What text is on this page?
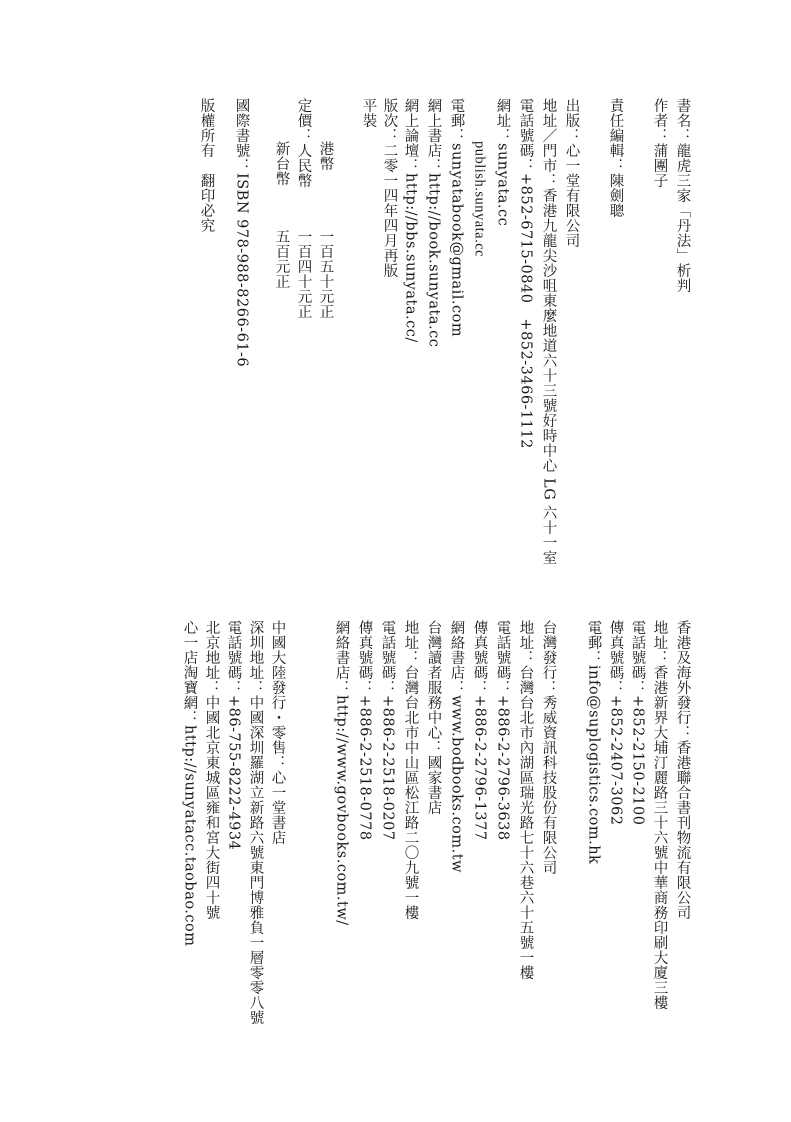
書名：龍虎三家「丹法」析判
作者：蒲團子
責任編輯：陳劍聰
出版：心一堂有限公司
地址／門市：香港九龍尖沙咀東麼地道六十三號好時中心 LG 六十一室
電話號碼：+852-6715-0840　+852-3466-1112
網址：sunyata.cc
publish.sunyata.cc
電郵：sunyatabook@gmail.com
網上書店：http://book.sunyata.cc
網上論壇：http://bbs.sunyata.cc/
版次：二零一四年四月再版
平裝
港幣
一百五十元正
定價：人民幣
一百四十元正
新台幣
五百元正
國際書號：ISBN 978-988-8266-61-6
版權所有　翻印必究
香港及海外發行：香港聯合書刊物流有限公司
地址：香港新界大埔汀麗路三十六號中華商務印刷大廈三樓
電話號碼：+852-2150-2100
傳真號碼：+852-2407-3062
電郵：info@suplogistics.com.hk
台灣發行：秀威資訊科技股份有限公司
地址：台灣台北市內湖區瑞光路七十六巷六十五號一樓
電話號碼：+886-2-2796-3638
傳真號碼：+886-2-2796-1377
網絡書店：www.bodbooks.com.tw
台灣讀者服務中心：國家書店
地址：台灣台北市中山區松江路二〇九號一樓
電話號碼：+886-2-2518-0207
傳真號碼：+886-2-2518-0778
網絡書店：http://www.govbooks.com.tw/
中國大陸發行・零售：心一堂書店
深圳地址：中國深圳羅湖立新路六號東門博雅負一層零零八號
電話號碼：+86-755-8222-4934
北京地址：中國北京東城區雍和宮大街四十號
心一店淘寶網：http://sunyatacc.taobao.com
